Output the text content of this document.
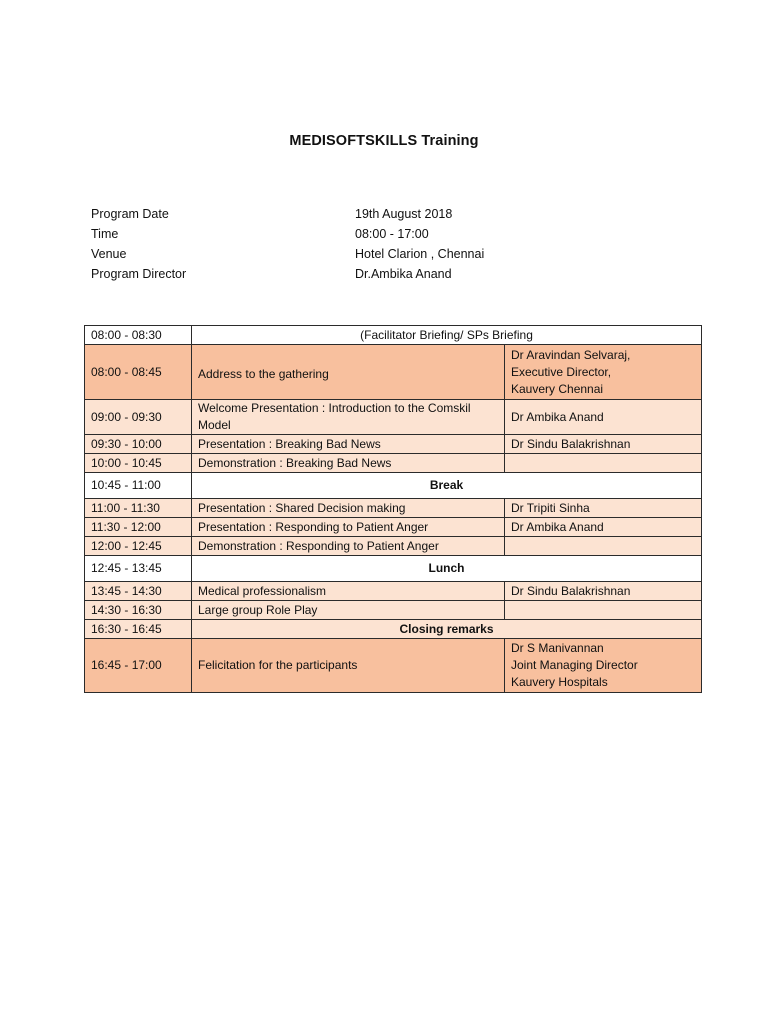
MEDISOFTSKILLS Training
Program Date	19th August 2018
Time	08:00 - 17:00
Venue	Hotel Clarion , Chennai
Program Director	Dr.Ambika Anand
08:00 - 08:30	(Facilitator Briefing/ SPs Briefing	
08:00 - 08:45	Address to the gathering	Dr Aravindan Selvaraj,
Executive Director,
Kauvery Chennai
09:00 - 09:30	Welcome Presentation : Introduction to the Comskil
Model	Dr Ambika Anand
09:30 - 10:00	Presentation : Breaking Bad News	Dr Sindu Balakrishnan
10:00 - 10:45	Demonstration : Breaking Bad News	
10:45 - 11:00	Break	
11:00 - 11:30	Presentation : Shared Decision making	Dr Tripiti Sinha
11:30 - 12:00	Presentation : Responding to Patient Anger	Dr Ambika Anand
12:00 - 12:45	Demonstration : Responding to Patient Anger	
12:45 - 13:45	Lunch	
13:45 - 14:30	Medical professionalism	Dr Sindu Balakrishnan
14:30 - 16:30	Large group Role Play	
16:30 - 16:45	Closing remarks	
16:45 - 17:00	Felicitation for the participants	Dr S Manivannan
Joint Managing Director
Kauvery Hospitals
